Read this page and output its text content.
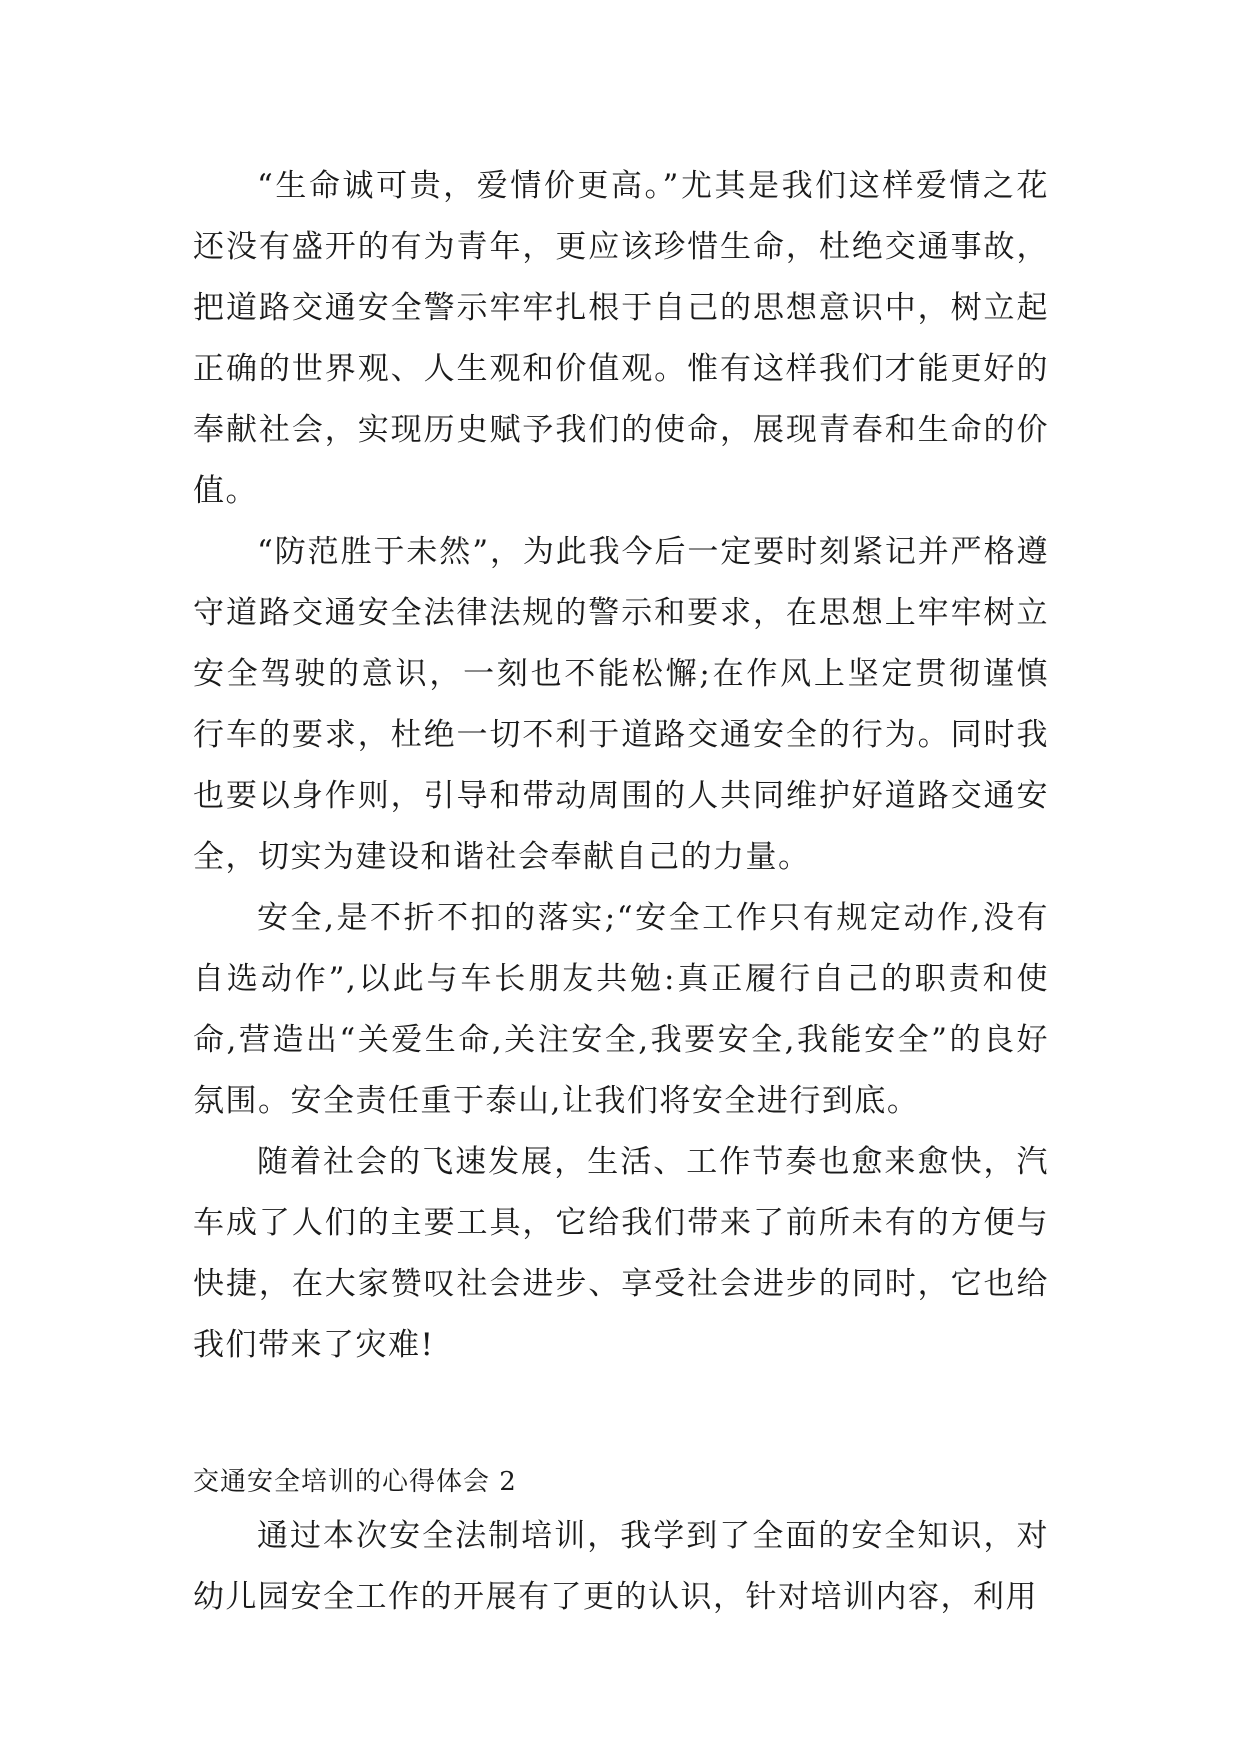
“生命诚可贵，爱情价更高。”尤其是我们这样爱情之花还没有盛开的有为青年，更应该珍惜生命，杜绝交通事故，把道路交通安全警示牢牢扎根于自己的思想意识中，树立起正确的世界观、人生观和价值观。惟有这样我们才能更好的奉献社会，实现历史赋予我们的使命，展现青春和生命的价值。

“防范胜于未然”，为此我今后一定要时刻紧记并严格遵守道路交通安全法律法规的警示和要求，在思想上牢牢树立安全驾驶的意识，一刻也不能松懈;在作风上坚定贯彻谨慎行车的要求，杜绝一切不利于道路交通安全的行为。同时我也要以身作则，引导和带动周围的人共同维护好道路交通安全，切实为建设和谐社会奉献自己的力量。

安全,是不折不扣的落实;“安全工作只有规定动作,没有自选动作”,以此与车长朋友共勉:真正履行自己的职责和使命,营造出“关爱生命,关注安全,我要安全,我能安全”的良好氛围。安全责任重于泰山,让我们将安全进行到底。

随着社会的飞速发展，生活、工作节奏也愈来愈快，汽车成了人们的主要工具，它给我们带来了前所未有的方便与快捷，在大家赞叹社会进步、享受社会进步的同时，它也给我们带来了灾难!

交通安全培训的心得体会 2

通过本次安全法制培训，我学到了全面的安全知识，对幼儿园安全工作的开展有了更的认识，针对培训内容，利用
